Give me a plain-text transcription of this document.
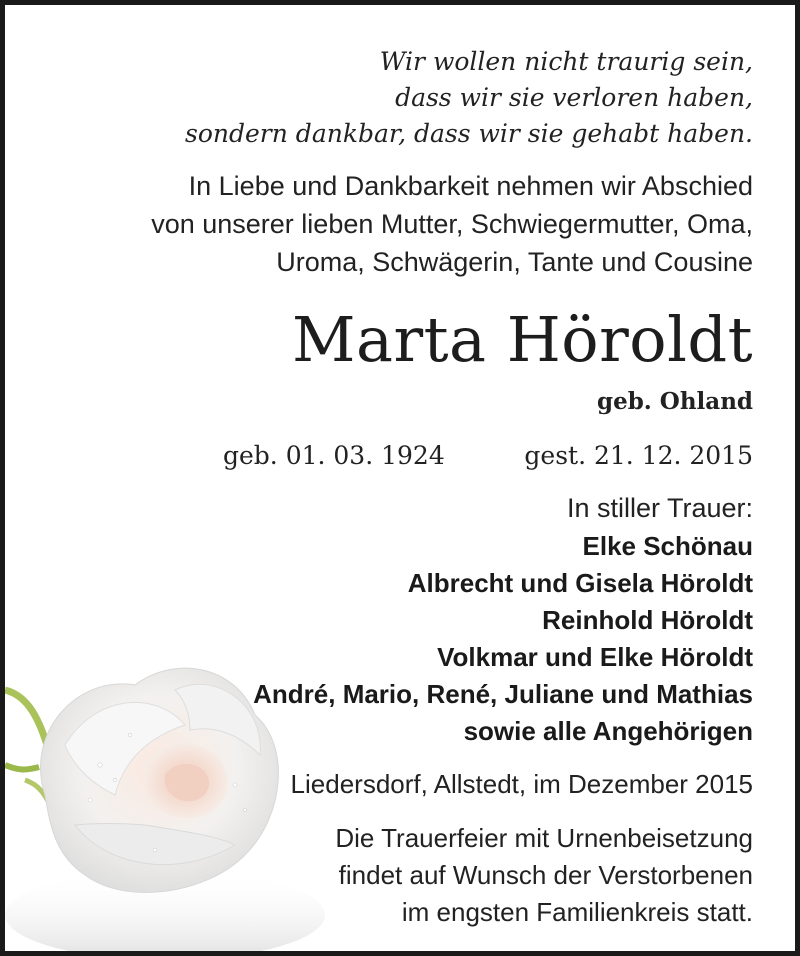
Wir wollen nicht traurig sein,
dass wir sie verloren haben,
sondern dankbar, dass wir sie gehabt haben.
In Liebe und Dankbarkeit nehmen wir Abschied
von unserer lieben Mutter, Schwiegermutter, Oma,
Uroma, Schwägerin, Tante und Cousine
Marta Höroldt
geb. Ohland
geb. 01. 03. 1924	gest. 21. 12. 2015
In stiller Trauer:
Elke Schönau
Albrecht und Gisela Höroldt
Reinhold Höroldt
Volkmar und Elke Höroldt
André, Mario, René, Juliane und Mathias
sowie alle Angehörigen
Liedersdorf, Allstedt, im Dezember 2015
Die Trauerfeier mit Urnenbeisetzung
findet auf Wunsch der Verstorbenen
im engsten Familienkreis statt.
